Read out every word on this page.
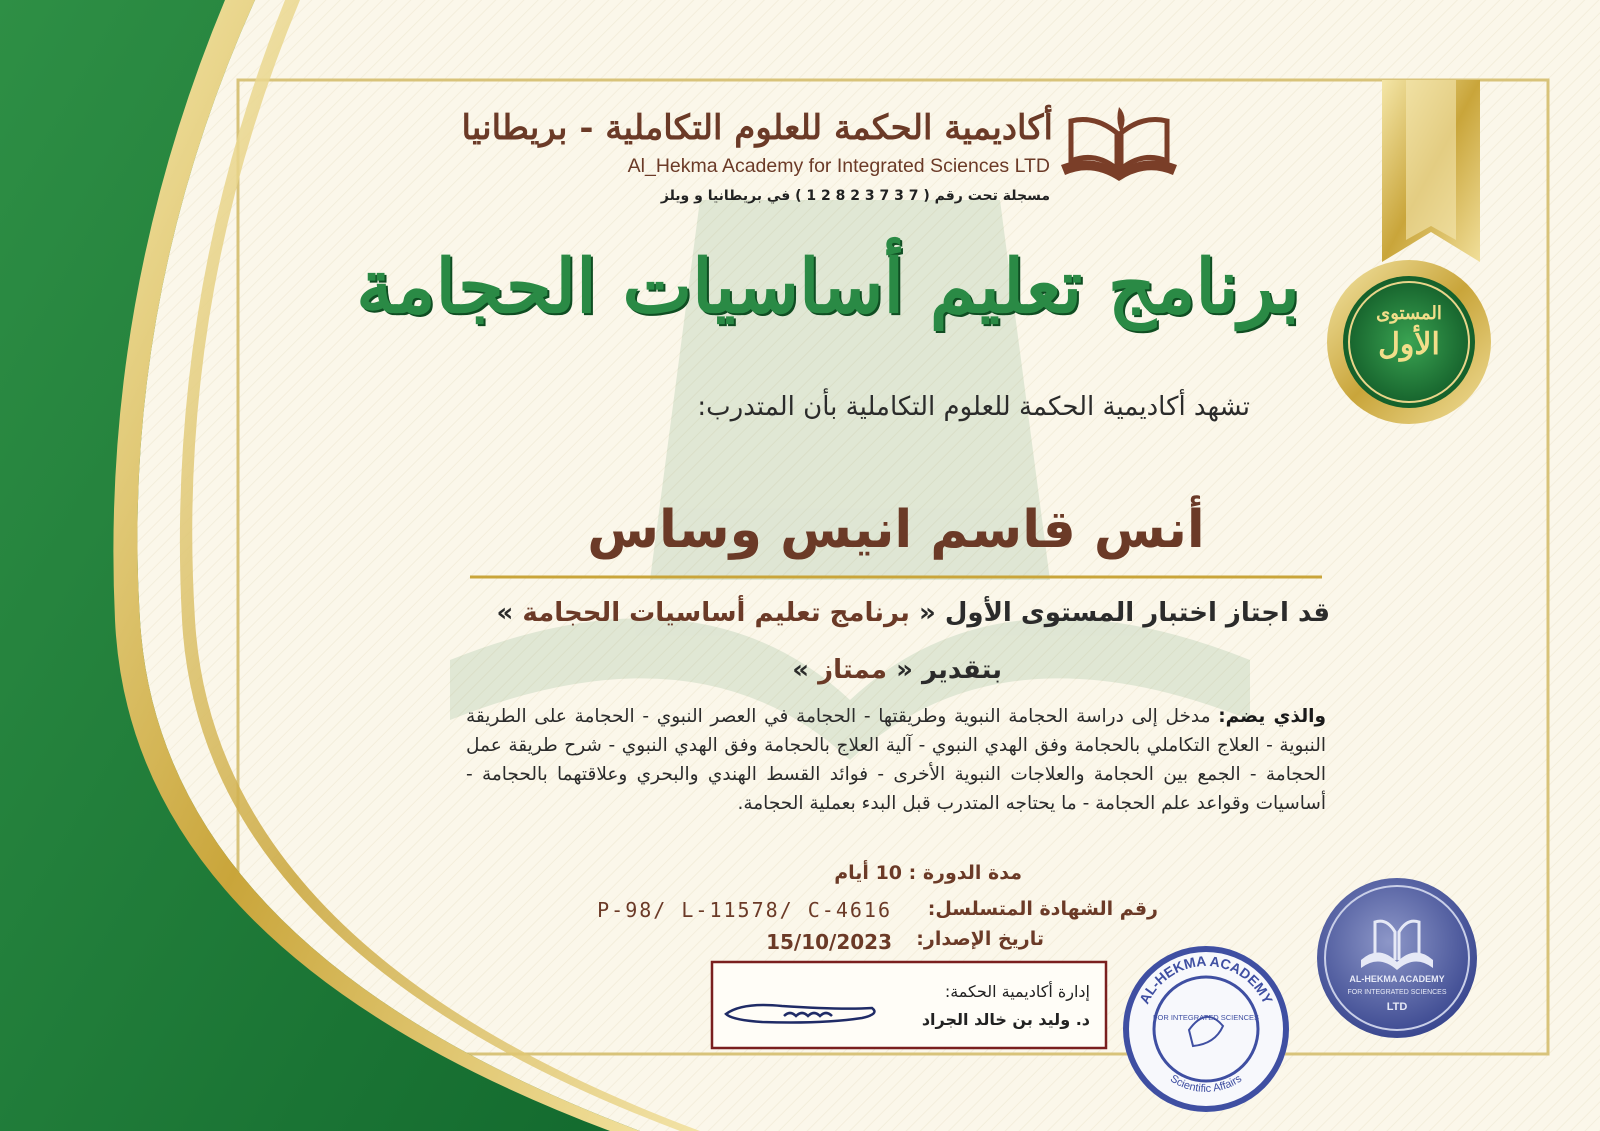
أكاديمية الحكمة للعلوم التكاملية - بريطانيا
Al_Hekma Academy for Integrated Sciences LTD
مسجلة تحت رقم ( 7 3 7 3 2 8 2 1 ) في بريطانيا و ويلز
برنامج تعليم أساسيات الحجامة	المستوى
الأول
تشهد أكاديمية الحكمة للعلوم التكاملية بأن المتدرب:
أنس قاسم انيس وساس
قد اجتاز اختبار المستوى الأول « برنامج تعليم أساسيات الحجامة »
بتقدير « ممتاز »
والذي يضم: مدخل إلى دراسة الحجامة النبوية وطريقتها - الحجامة في العصر النبوي - الحجامة على الطريقة النبوية - العلاج التكاملي بالحجامة وفق الهدي النبوي - آلية العلاج بالحجامة وفق الهدي النبوي - شرح طريقة عمل الحجامة - الجمع بين الحجامة والعلاجات النبوية الأخرى - فوائد القسط الهندي والبحري وعلاقتهما بالحجامة - أساسيات وقواعد علم الحجامة - ما يحتاجه المتدرب قبل البدء بعملية الحجامة.
مدة الدورة : 10 أيام
رقم الشهادة المتسلسل:
P-98/ L-11578/ C-4616
تاريخ الإصدار:
15/10/2023
إدارة أكاديمية الحكمة:
د. وليد بن خالد الجراد
AL-HEKMA ACADEMY
FOR INTEGRATED SCIENCES
Scientific Affairs
AL-HEKMA ACADEMY
FOR INTEGRATED SCIENCES
LTD
